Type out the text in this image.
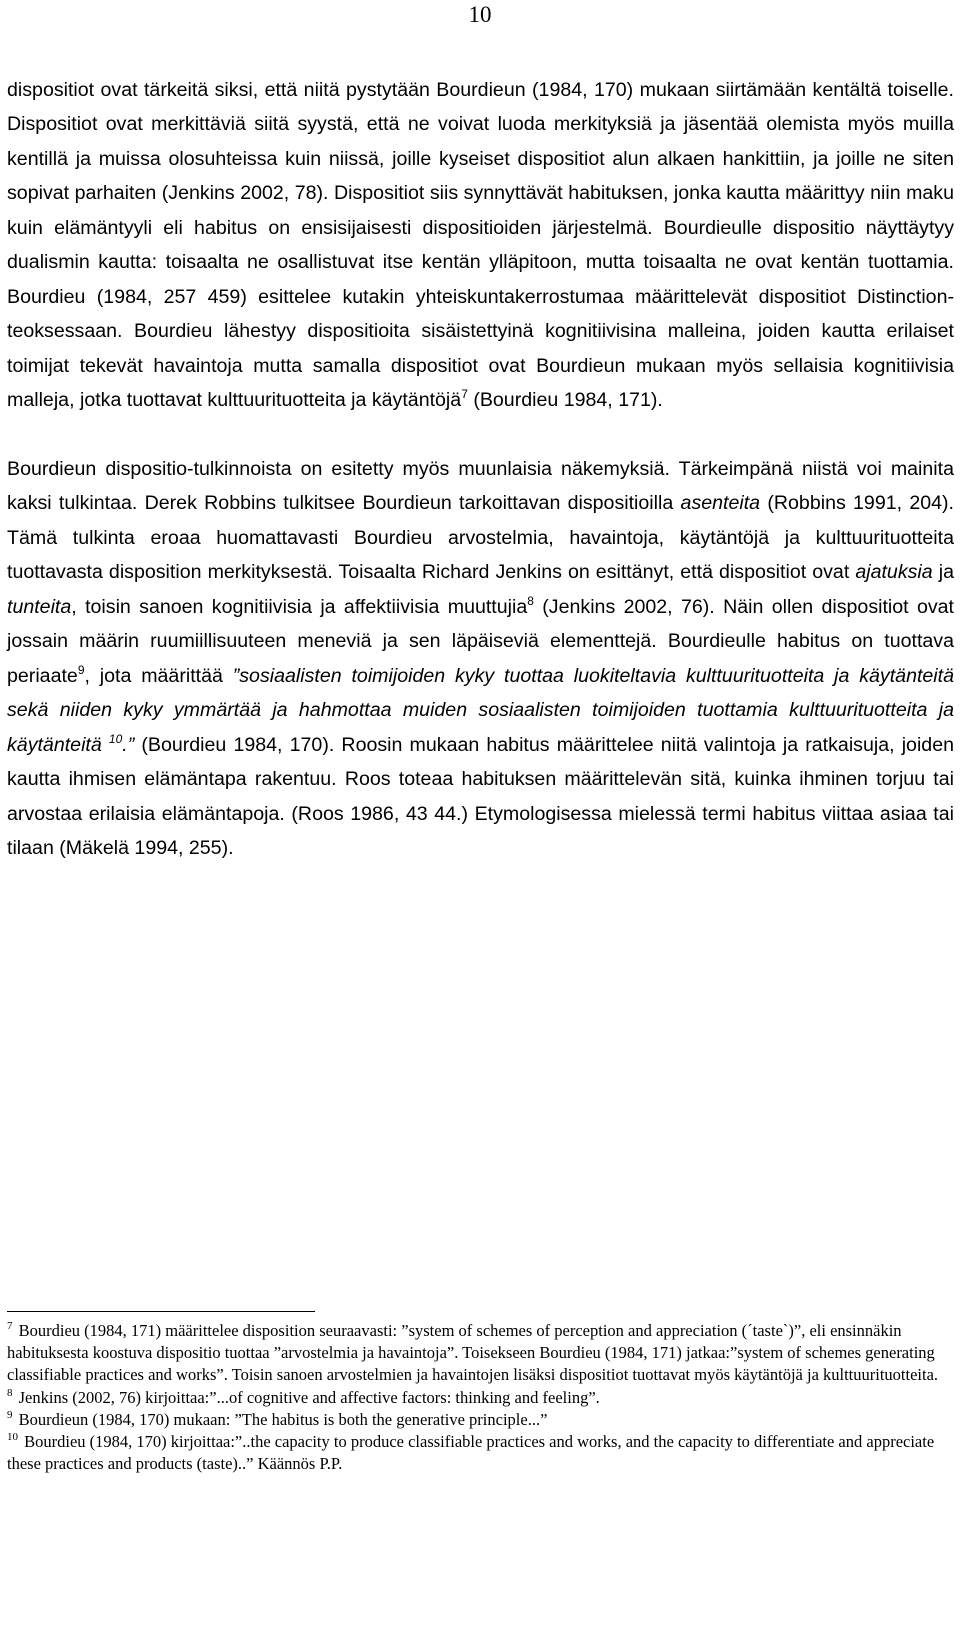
10

dispositiot ovat tärkeitä siksi, että niitä pystytään Bourdieun (1984, 170) mukaan siirtämään kentältä toiselle. Dispositiot ovat merkittäviä siitä syystä, että ne voivat luoda merkityksiä ja jäsentää olemista myös muilla kentillä ja muissa olosuhteissa kuin niissä, joille kyseiset dispositiot alun alkaen hankittiin, ja joille ne siten sopivat parhaiten (Jenkins 2002, 78). Dispositiot siis synnyttävät habituksen, jonka kautta määrittyy niin maku kuin elämäntyyli eli habitus on ensisijaisesti dispositioiden järjestelmä. Bourdieulle dispositio näyttäytyy dualismin kautta: toisaalta ne osallistuvat itse kentän ylläpitoon, mutta toisaalta ne ovat kentän tuottamia. Bourdieu (1984, 257 459) esittelee kutakin yhteiskuntakerrostumaa määrittelevät dispositiot Distinction-teoksessaan. Bourdieu lähestyy dispositioita sisäistettyinä kognitiivisina malleina, joiden kautta erilaiset toimijat tekevät havaintoja mutta samalla dispositiot ovat Bourdieun mukaan myös sellaisia kognitiivisia malleja, jotka tuottavat kulttuurituotteita ja käytäntöjä$^7$ (Bourdieu 1984, 171).

Bourdieun dispositio-tulkinnoista on esitetty myös muunlaisia näkemyksiä. Tärkeimpänä niistä voi mainita kaksi tulkintaa. Derek Robbins tulkitsee Bourdieun tarkoittavan dispositioilla asenteita (Robbins 1991, 204). Tämä tulkinta eroaa huomattavasti Bourdieu arvostelmia, havaintoja, käytäntöjä ja kulttuurituotteita tuottavasta disposition merkityksestä. Toisaalta Richard Jenkins on esittänyt, että dispositiot ovat ajatuksia ja tunteita, toisin sanoen kognitiivisia ja affektiivisia muuttujia$^8$ (Jenkins 2002, 76). Näin ollen dispositiot ovat jossain määrin ruumiillisuuteen meneviä ja sen läpäiseviä elementtejä. Bourdieulle habitus on tuottava periaate$^9$, jota määrittää ”sosiaalisten toimijoiden kyky tuottaa luokiteltavia kulttuurituotteita ja käytänteitä sekä niiden kyky ymmärtää ja hahmottaa muiden sosiaalisten toimijoiden tuottamia kulttuurituotteita ja käytänteitä $^{10}$.” (Bourdieu 1984, 170). Roosin mukaan habitus määrittelee niitä valintoja ja ratkaisuja, joiden kautta ihmisen elämäntapa rakentuu. Roos toteaa habituksen määrittelevän sitä, kuinka ihminen torjuu tai arvostaa erilaisia elämäntapoja. (Roos 1986, 43 44.) Etymologisessa mielessä termi habitus viittaa asiaa tai tilaan (Mäkelä 1994, 255).

$^7$ Bourdieu (1984, 171) määrittelee disposition seuraavasti: ”system of schemes of perception and appreciation (´taste`)”, eli ensinnäkin habituksesta koostuva dispositio tuottaa ”arvostelmia ja havaintoja”. Toisekseen Bourdieu (1984, 171) jatkaa:”system of schemes generating classifiable practices and works”. Toisin sanoen arvostelmien ja havaintojen lisäksi dispositiot tuottavat myös käytäntöjä ja kulttuurituotteita.

$^8$ Jenkins (2002, 76) kirjoittaa:”...of cognitive and affective factors: thinking and feeling”.

$^9$ Bourdieun (1984, 170) mukaan: ”The habitus is both the generative principle...”

$^{10}$ Bourdieu (1984, 170) kirjoittaa:”..the capacity to produce classifiable practices and works, and the capacity to differentiate and appreciate these practices and products (taste)..” Käännös P.P.
